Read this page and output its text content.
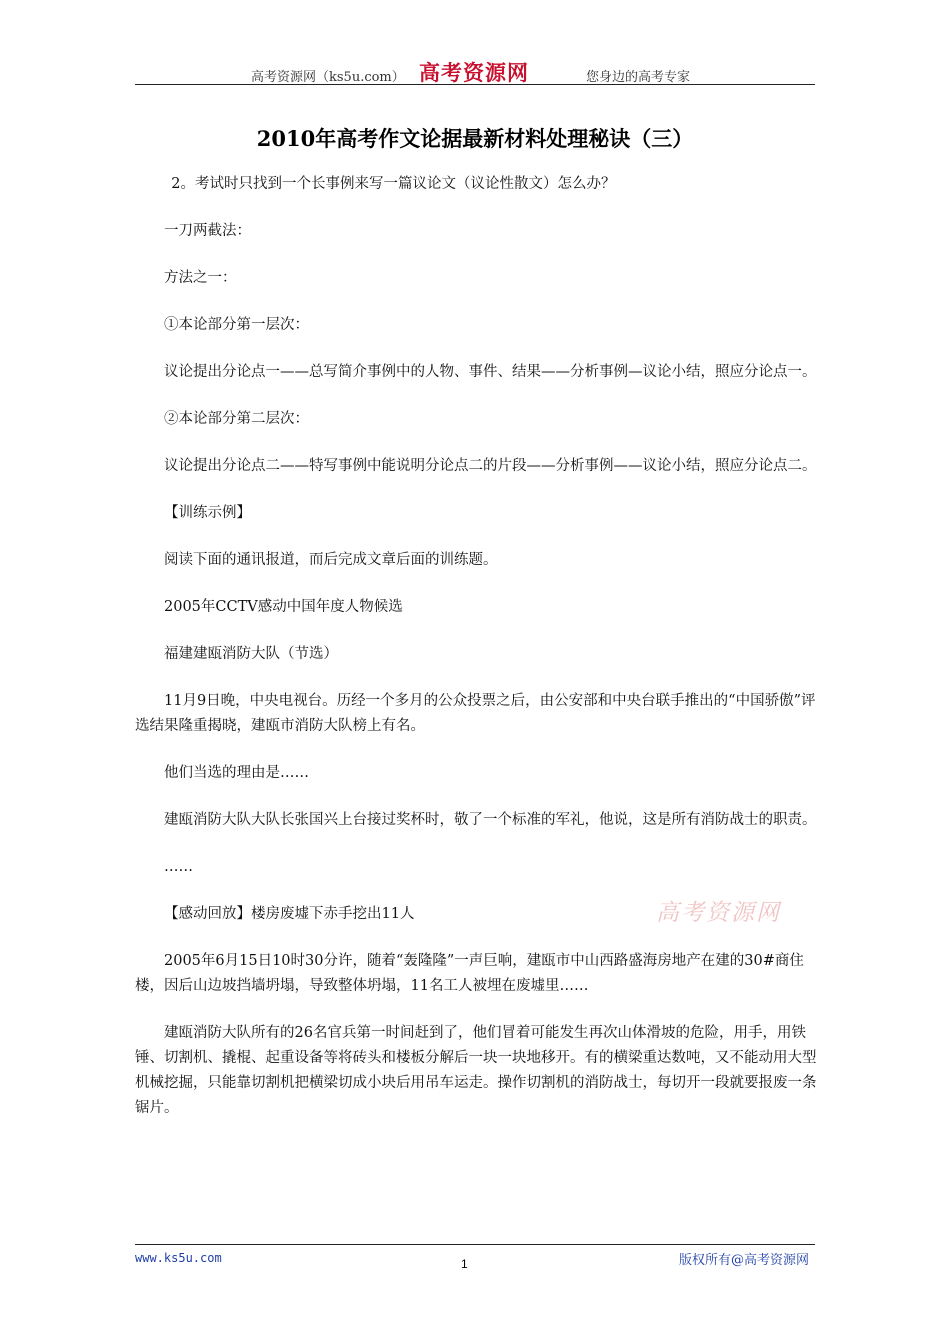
高考资源网（ks5u.com） 高考资源网	您身边的高考专家
2010年高考作文论据最新材料处理秘诀（三）

2。考试时只找到一个长事例来写一篇议论文（议论性散文）怎么办？

一刀两截法：

方法之一：

①本论部分第一层次：

议论提出分论点一——总写简介事例中的人物、事件、结果——分析事例—议论小结，照应分论点一。

②本论部分第二层次：

议论提出分论点二——特写事例中能说明分论点二的片段——分析事例——议论小结，照应分论点二。

【训练示例】

阅读下面的通讯报道，而后完成文章后面的训练题。

2005年CCTV感动中国年度人物候选

福建建瓯消防大队（节选）

11月9日晚，中央电视台。历经一个多月的公众投票之后，由公安部和中央台联手推出的“中国骄傲”评选结果隆重揭晓，建瓯市消防大队榜上有名。

他们当选的理由是……

建瓯消防大队大队长张国兴上台接过奖杯时，敬了一个标准的军礼，他说，这是所有消防战士的职责。

……

【感动回放】楼房废墟下赤手挖出11人

2005年6月15日10时30分许，随着“轰隆隆”一声巨响，建瓯市中山西路盛海房地产在建的30#商住楼，因后山边坡挡墙坍塌，导致整体坍塌，11名工人被埋在废墟里……

建瓯消防大队所有的26名官兵第一时间赶到了，他们冒着可能发生再次山体滑坡的危险，用手，用铁锤、切割机、撬棍、起重设备等将砖头和楼板分解后一块一块地移开。有的横梁重达数吨，又不能动用大型机械挖掘，只能靠切割机把横梁切成小块后用吊车运走。操作切割机的消防战士，每切开一段就要报废一条锯片。

高考资源网
www.ks5u.com	1	版权所有@高考资源网
